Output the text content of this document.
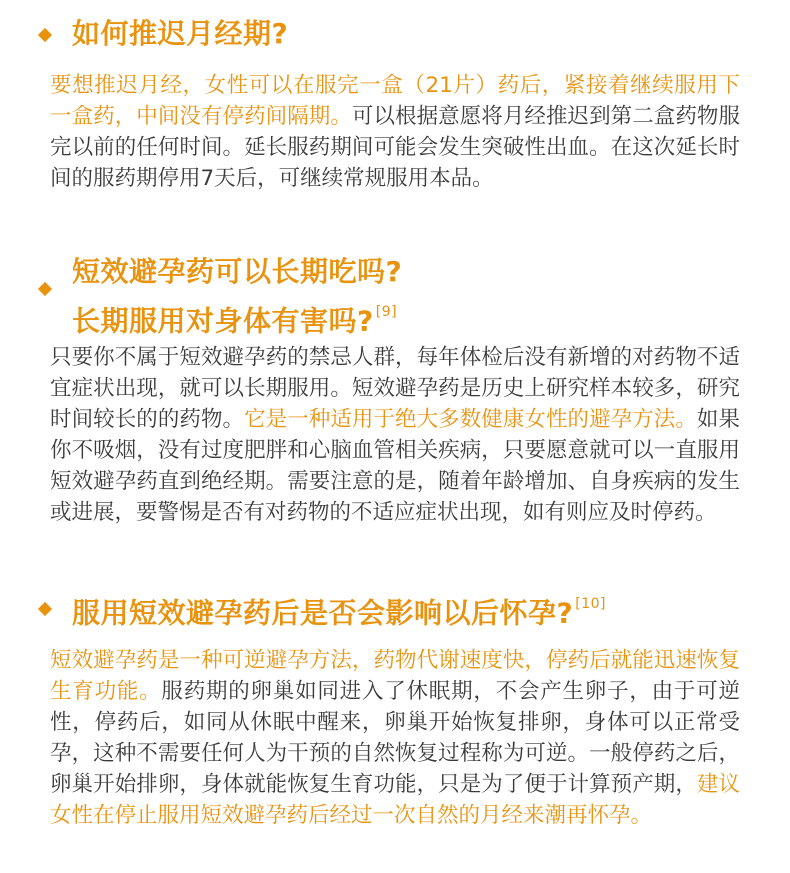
如何推迟月经期?
要想推迟月经，女性可以在服完一盒（21片）药后，紧接着继续服用下一盒药，中间没有停药间隔期。可以根据意愿将月经推迟到第二盒药物服完以前的任何时间。延长服药期间可能会发生突破性出血。在这次延长时间的服药期停用7天后，可继续常规服用本品。
短效避孕药可以长期吃吗?
长期服用对身体有害吗? [9]
只要你不属于短效避孕药的禁忌人群，每年体检后没有新增的对药物不适宜症状出现，就可以长期服用。短效避孕药是历史上研究样本较多，研究时间较长的的药物。它是一种适用于绝大多数健康女性的避孕方法。如果你不吸烟，没有过度肥胖和心脑血管相关疾病，只要愿意就可以一直服用短效避孕药直到绝经期。需要注意的是，随着年龄增加、自身疾病的发生或进展，要警惕是否有对药物的不适应症状出现，如有则应及时停药。
服用短效避孕药后是否会影响以后怀孕? [10]
短效避孕药是一种可逆避孕方法，药物代谢速度快，停药后就能迅速恢复生育功能。服药期的卵巢如同进入了休眠期，不会产生卵子，由于可逆性，停药后，如同从休眠中醒来，卵巢开始恢复排卵，身体可以正常受孕，这种不需要任何人为干预的自然恢复过程称为可逆。一般停药之后，卵巢开始排卵，身体就能恢复生育功能，只是为了便于计算预产期，建议女性在停止服用短效避孕药后经过一次自然的月经来潮再怀孕。
